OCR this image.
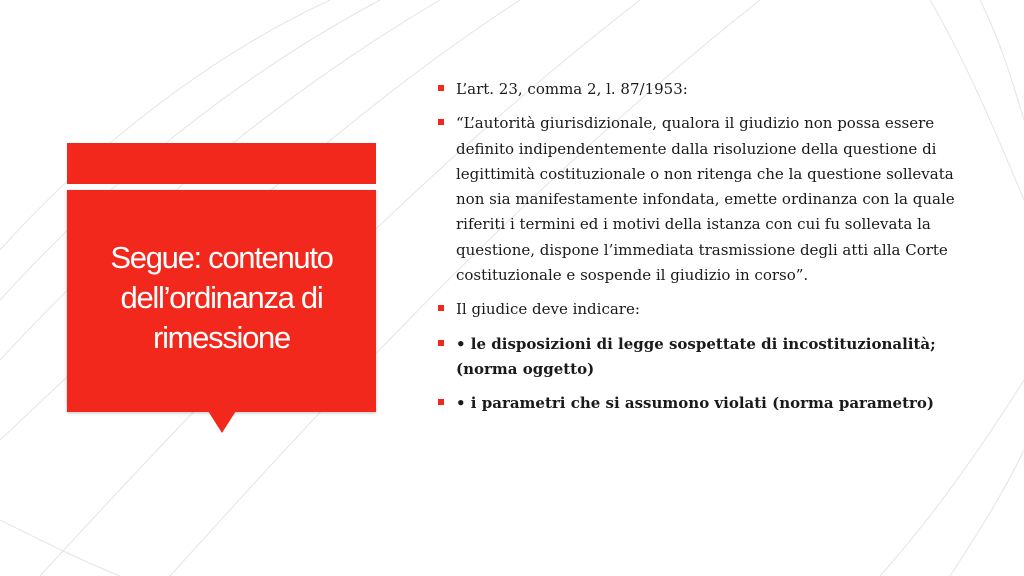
Segue: contenuto
dell’ordinanza di
rimessione
L’art. 23, comma 2, l. 87/1953:
“L’autorità giurisdizionale, qualora il giudizio non possa essere definito indipendentemente dalla risoluzione della questione di legittimità costituzionale o non ritenga che la questione sollevata non sia manifestamente infondata, emette ordinanza con la quale riferiti i termini ed i motivi della istanza con cui fu sollevata la questione, dispone l’immediata trasmissione degli atti alla Corte costituzionale e sospende il giudizio in corso”.
Il giudice deve indicare:
• le disposizioni di legge sospettate di incostituzionalità; (norma oggetto)
• i parametri che si assumono violati (norma parametro)
